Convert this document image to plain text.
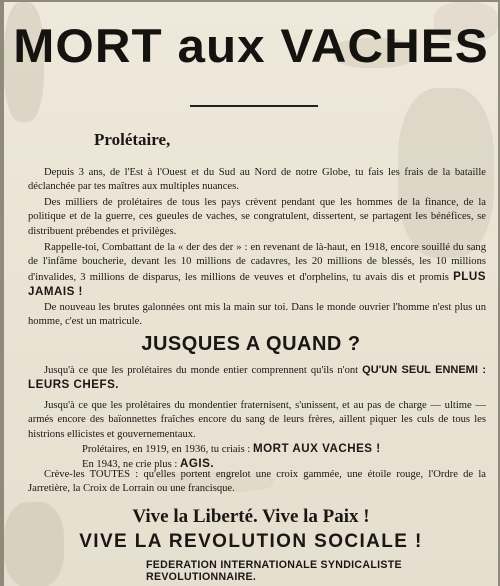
MORT aux VACHES
Prolétaire,
Depuis 3 ans, de l'Est à l'Ouest et du Sud au Nord de notre Globe, tu fais les frais de la bataille déclanchée par tes maîtres aux multiples nuances.
Des milliers de prolétaires de tous les pays crèvent pendant que les hommes de la finance, de la politique et de la guerre, ces gueules de vaches, se congratulent, dissertent, se partagent les bénéfices, se distribuent prébendes et privilèges.
Rappelle-toi, Combattant de la « der des der » : en revenant de là-haut, en 1918, encore souillé du sang de l'infâme boucherie, devant les 10 millions de cadavres, les 20 millions de blessés, les 10 millions d'invalides, 3 millions de disparus, les millions de veuves et d'orphelins, tu avais dis et promis PLUS JAMAIS !
De nouveau les brutes galonnées ont mis la main sur toi. Dans le monde ouvrier l'homme n'est plus un homme, c'est un matricule.
JUSQUES A QUAND ?
Jusqu'à ce que les prolétaires du monde entier comprennent qu'ils n'ont QU'UN SEUL ENNEMI : LEURS CHEFS.
Jusqu'à ce que les prolétaires du mondentier fraternisent, s'unissent, et au pas de charge — ultime — armés encore des baïonnettes fraîches encore du sang de leurs frères, aillent piquer les culs de tous les histrions ellicistes et gouvernementaux.
Prolétaires, en 1919, en 1936, tu criais : MORT AUX VACHES !
En 1943, ne crie plus : AGIS.
Crève-les TOUTES : qu'elles portent engrelot une croix gammée, une étoile rouge, l'Ordre de la Jarretière, la Croix de Lorrain ou une francisque.
Vive la Liberté. Vive la Paix !
VIVE LA REVOLUTION SOCIALE !
FEDERATION INTERNATIONALE SYNDICALISTE REVOLUTIONNAIRE.
